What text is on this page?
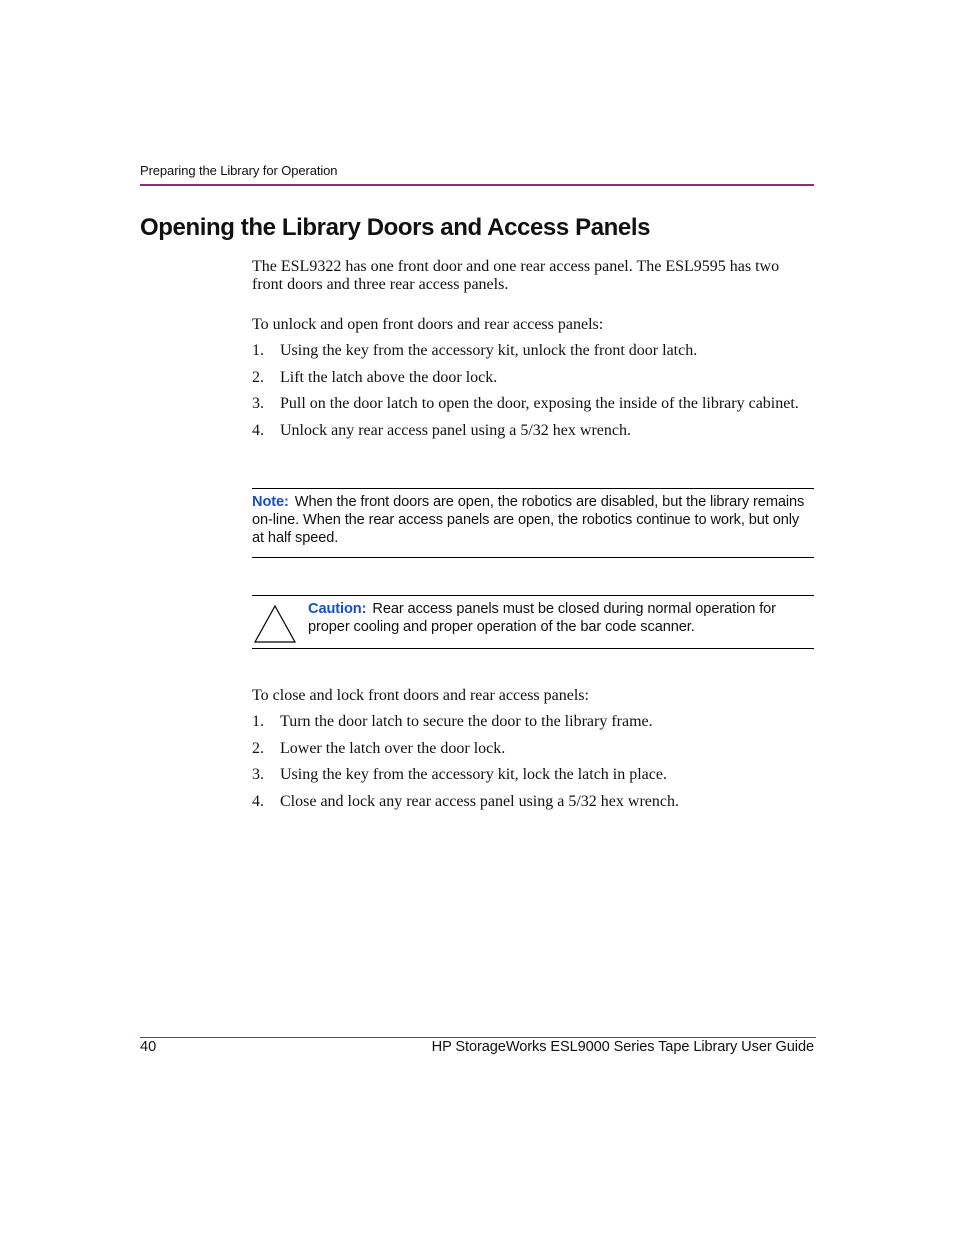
Preparing the Library for Operation
Opening the Library Doors and Access Panels
The ESL9322 has one front door and one rear access panel. The ESL9595 has two front doors and three rear access panels.
To unlock and open front doors and rear access panels:
1. Using the key from the accessory kit, unlock the front door latch.
2. Lift the latch above the door lock.
3. Pull on the door latch to open the door, exposing the inside of the library cabinet.
4. Unlock any rear access panel using a 5/32 hex wrench.
Note: When the front doors are open, the robotics are disabled, but the library remains on-line. When the rear access panels are open, the robotics continue to work, but only at half speed.
Caution: Rear access panels must be closed during normal operation for proper cooling and proper operation of the bar code scanner.
To close and lock front doors and rear access panels:
1. Turn the door latch to secure the door to the library frame.
2. Lower the latch over the door lock.
3. Using the key from the accessory kit, lock the latch in place.
4. Close and lock any rear access panel using a 5/32 hex wrench.
40	HP StorageWorks ESL9000 Series Tape Library User Guide
